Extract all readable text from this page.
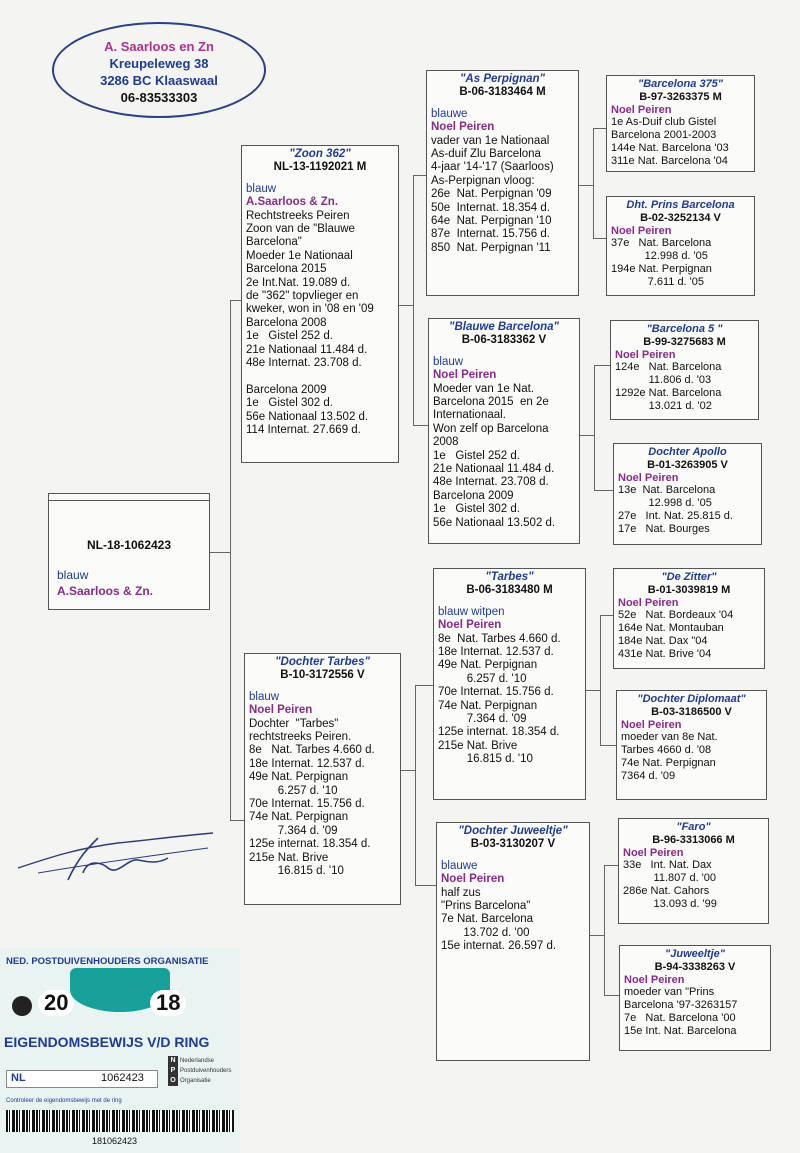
A. Saarloos en Zn
Kreupeleweg 38
3286 BC Klaaswaal
06-83533303
NL-18-1062423
blauw
A.Saarloos & Zn.
"Zoon 362"
NL-13-1192021 M
blauw
A.Saarloos & Zn.
Rechtstreeks Peiren
Zoon van de "Blauwe
Barcelona"
Moeder 1e Nationaal
Barcelona 2015
2e Int.Nat. 19.089 d.
de "362" topvlieger en
kweker, won in '08 en '09
Barcelona 2008
1e   Gistel 252 d.
21e Nationaal 11.484 d.
48e Internat. 23.708 d.

Barcelona 2009
1e   Gistel 302 d.
56e Nationaal 13.502 d.
114 Internat. 27.669 d.
"Dochter Tarbes"
B-10-3172556 V
blauw
Noel Peiren
Dochter  "Tarbes"
rechtstreeks Peiren.
8e   Nat. Tarbes 4.660 d.
18e Internat. 12.537 d.
49e Nat. Perpignan
6.257 d. '10
70e Internat. 15.756 d.
74e Nat. Perpignan
7.364 d. '09
125e internat. 18.354 d.
215e Nat. Brive
16.815 d. '10
"As Perpignan"
B-06-3183464 M
blauwe
Noel Peiren
vader van 1e Nationaal
As-duif Zlu Barcelona
4-jaar '14-'17 (Saarloos)
As-Perpignan vloog:
26e  Nat. Perpignan '09
50e  Internat. 18.354 d.
64e  Nat. Perpignan '10
87e  Internat. 15.756 d.
850  Nat. Perpignan '11
"Blauwe Barcelona"
B-06-3183362 V
blauw
Noel Peiren
Moeder van 1e Nat.
Barcelona 2015  en 2e
Internationaal.
Won zelf op Barcelona
2008
1e   Gistel 252 d.
21e Nationaal 11.484 d.
48e Internat. 23.708 d.
Barcelona 2009
1e   Gistel 302 d.
56e Nationaal 13.502 d.
"Tarbes"
B-06-3183480 M
blauw witpen
Noel Peiren
8e  Nat. Tarbes 4.660 d.
18e Internat. 12.537 d.
49e Nat. Perpignan
6.257 d. '10
70e Internat. 15.756 d.
74e Nat. Perpignan
7.364 d. '09
125e internat. 18.354 d.
215e Nat. Brive
16.815 d. '10
"Dochter Juweeltje"
B-03-3130207 V
blauwe
Noel Peiren
half zus
"Prins Barcelona"
7e Nat. Barcelona
13.702 d. '00
15e internat. 26.597 d.
"Barcelona 375"
B-97-3263375 M
Noel Peiren
1e As-Duif club Gistel
Barcelona 2001-2003
144e Nat. Barcelona '03
311e Nat. Barcelona '04
Dht. Prins Barcelona
B-02-3252134 V
Noel Peiren
37e   Nat. Barcelona
12.998 d. '05
194e Nat. Perpignan
7.611 d. '05
"Barcelona 5 "
B-99-3275683 M
Noel Peiren
124e   Nat. Barcelona
11.806 d. '03
1292e Nat. Barcelona
13.021 d. '02
Dochter Apollo
B-01-3263905 V
Noel Peiren
13e  Nat. Barcelona
12.998 d. '05
27e   Int. Nat. 25.815 d.
17e   Nat. Bourges
"De Zitter"
B-01-3039819 M
Noel Peiren
52e   Nat. Bordeaux '04
164e Nat. Montauban
184e Nat. Dax "04
431e Nat. Brive '04
"Dochter Diplomaat"
B-03-3186500 V
Noel Peiren
moeder van 8e Nat.
Tarbes 4660 d. '08
74e Nat. Perpignan
7364 d. '09
"Faro"
B-96-3313066 M
Noel Peiren
33e   Int. Nat. Dax
11.807 d. '00
286e Nat. Cahors
13.093 d. '99
"Juweeltje"
B-94-3338263 V
Noel Peiren
moeder van "Prins
Barcelona '97-3263157
7e   Nat. Barcelona '00
15e Int. Nat. Barcelona
NED. POSTDUIVENHOUDERS ORGANISATIE
20	18
EIGENDOMSBEWIJS V/D RING
NL	1062423
N Nederlandse
P Postduivenhouders
O Organisatie
Controleer de eigendomsbewijs met de ring
181062423
